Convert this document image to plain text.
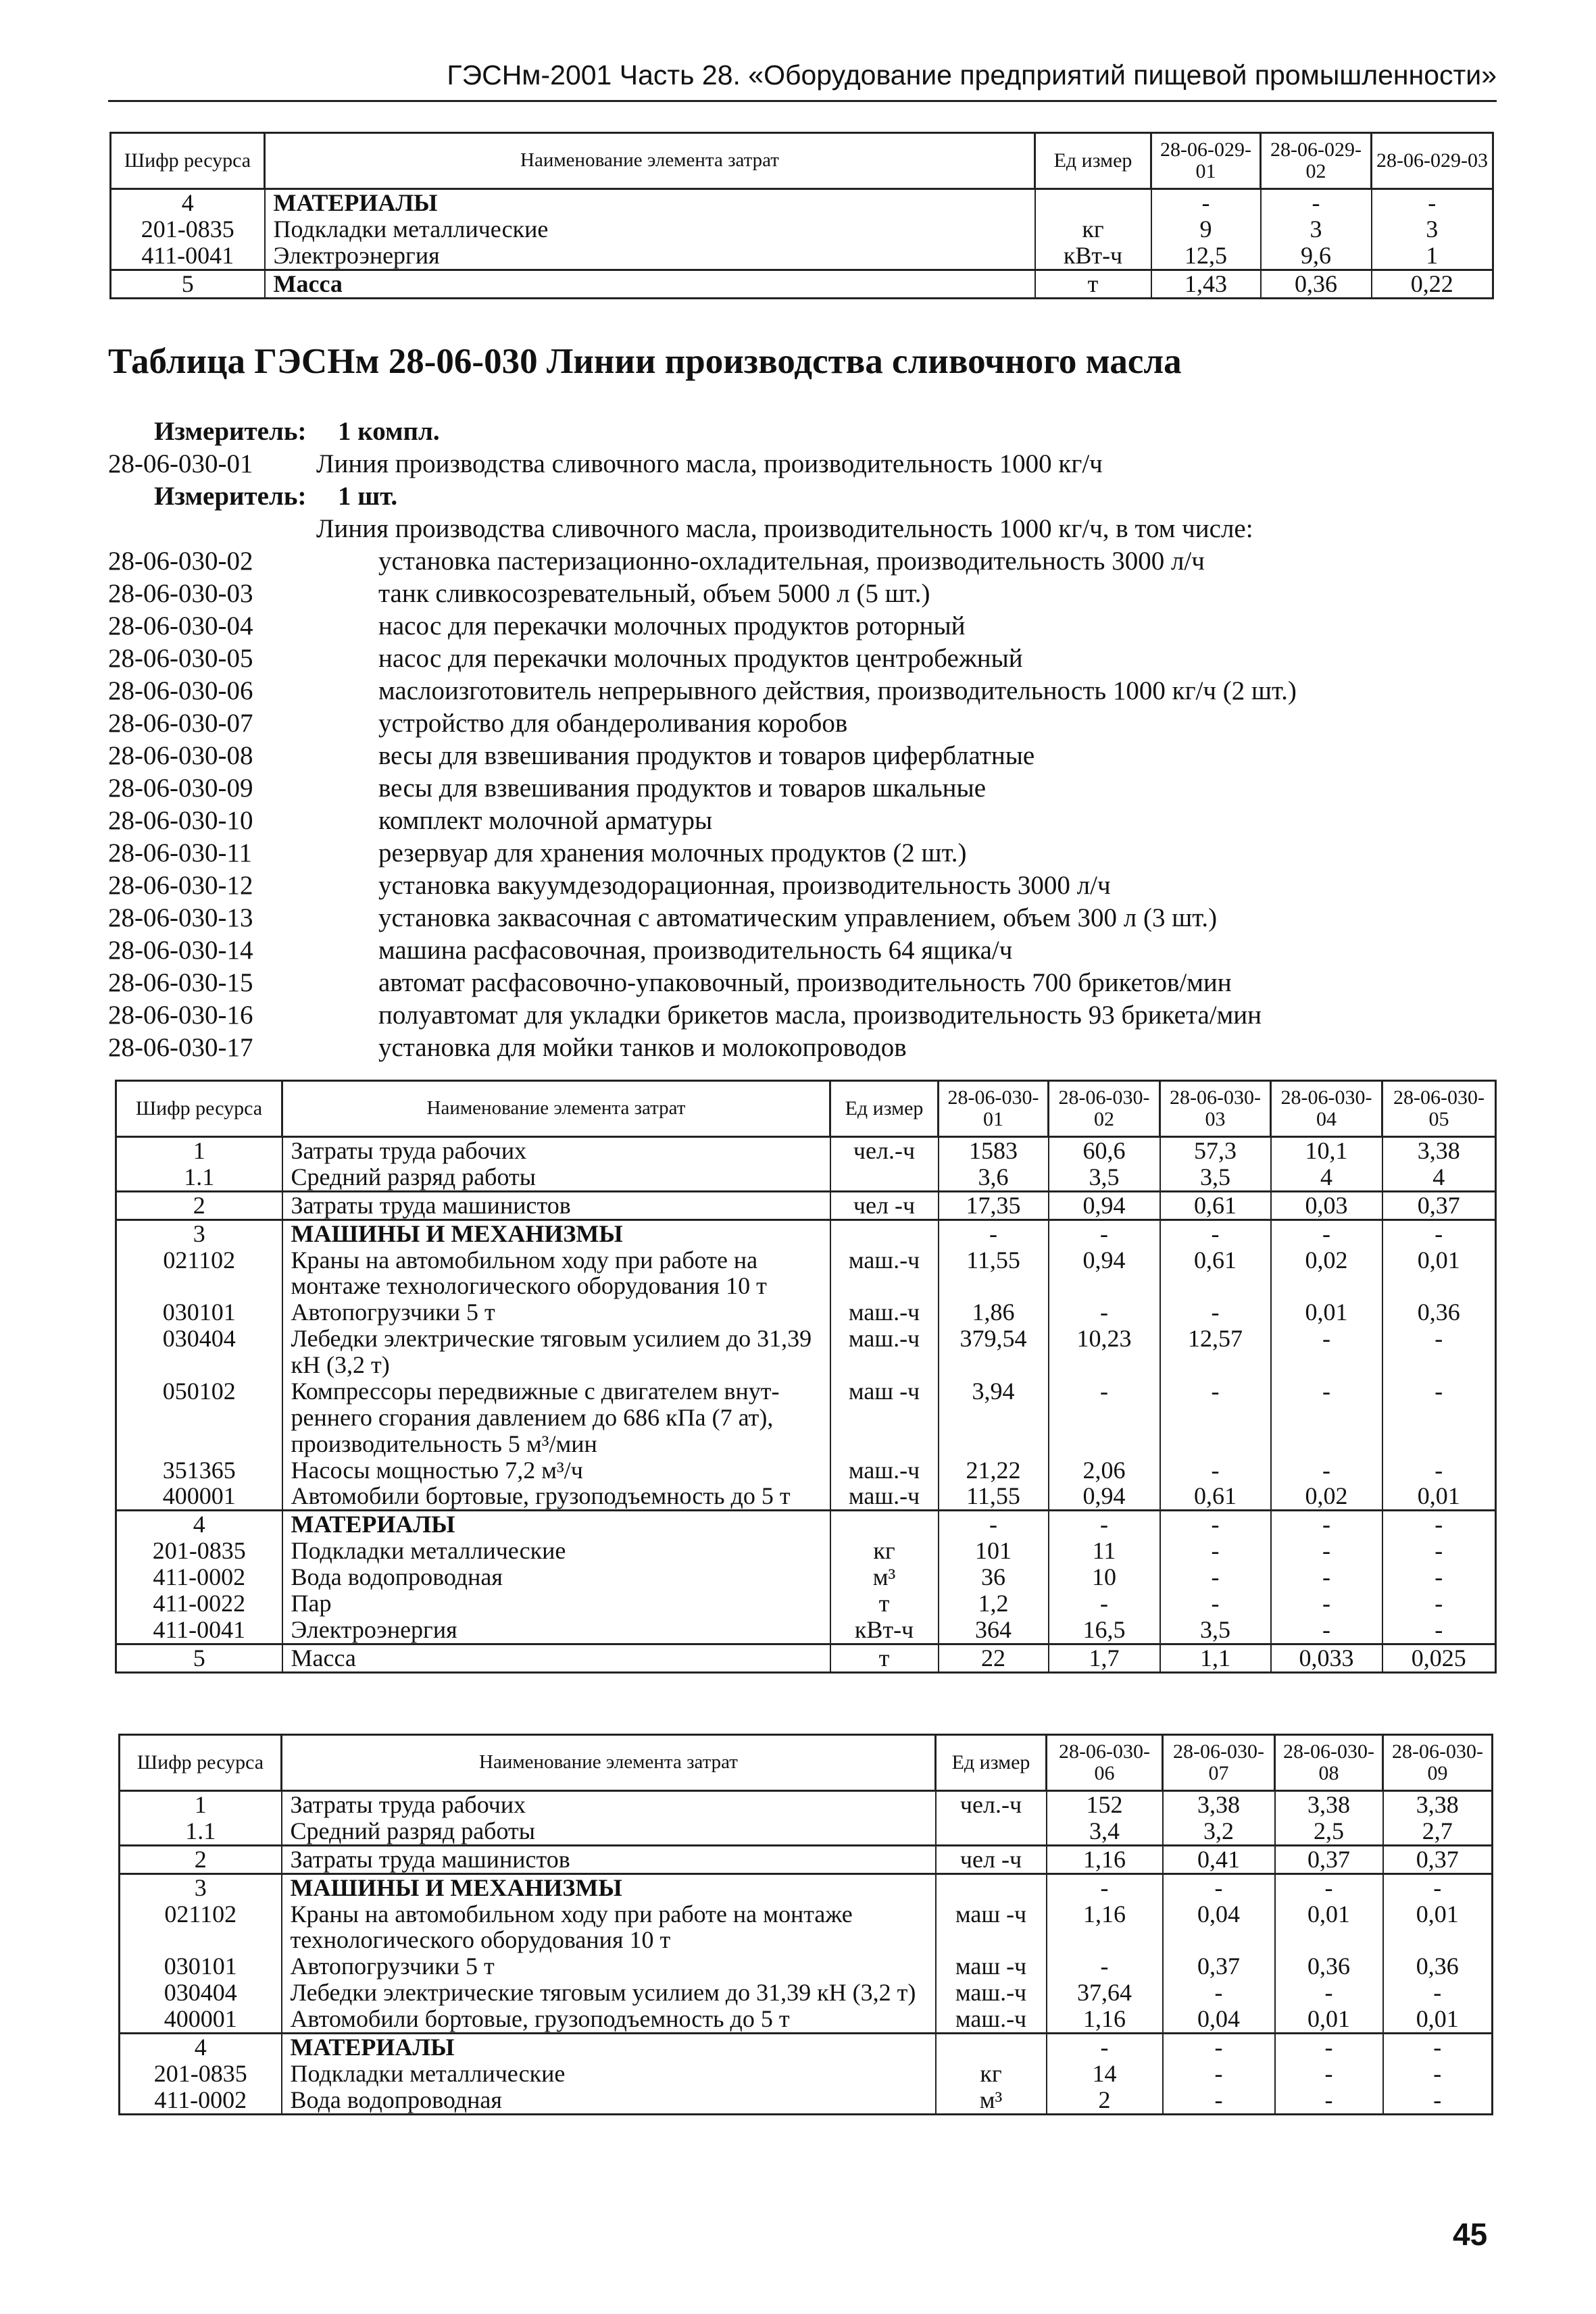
ГЭСНм-2001 Часть 28. «Оборудование предприятий пищевой промышленности»
Шифр ресурса	Наименование элемента затрат	Ед измер	28-06-029-01	28-06-029-02	28-06-029-03
4	МАТЕРИАЛЫ		-	-	-
201-0835	Подкладки металлические	кг	9	3	3
411-0041	Электроэнергия	кВт-ч	12,5	9,6	1
5	Масса	т	1,43	0,36	0,22
Таблица ГЭСНм 28-06-030 Линии производства сливочного масла
Измеритель: 1 компл.
28-06-030-01 Линия производства сливочного масла, производительность 1000 кг/ч
Измеритель: 1 шт.
Линия производства сливочного масла, производительность 1000 кг/ч, в том числе:
28-06-030-02	установка пастеризационно-охладительная, производительность 3000 л/ч
28-06-030-03	танк сливкосозревательный, объем 5000 л (5 шт.)
28-06-030-04	насос для перекачки молочных продуктов роторный
28-06-030-05	насос для перекачки молочных продуктов центробежный
28-06-030-06	маслоизготовитель непрерывного действия, производительность 1000 кг/ч (2 шт.)
28-06-030-07	устройство для обандероливания коробов
28-06-030-08	весы для взвешивания продуктов и товаров циферблатные
28-06-030-09	весы для взвешивания продуктов и товаров шкальные
28-06-030-10	комплект молочной арматуры
28-06-030-11	резервуар для хранения молочных продуктов (2 шт.)
28-06-030-12	установка вакуумдезодорационная, производительность 3000 л/ч
28-06-030-13	установка заквасочная с автоматическим управлением, объем 300 л (3 шт.)
28-06-030-14	машина расфасовочная, производительность 64 ящика/ч
28-06-030-15	автомат расфасовочно-упаковочный, производительность 700 брикетов/мин
28-06-030-16	полуавтомат для укладки брикетов масла, производительность 93 брикета/мин
28-06-030-17	установка для мойки танков и молокопроводов
Шифр ресурса	Наименование элемента затрат	Ед измер	28-06-030-01	28-06-030-02	28-06-030-03	28-06-030-04	28-06-030-05
1	Затраты труда рабочих	чел.-ч	1583	60,6	57,3	10,1	3,38
1.1	Средний разряд работы		3,6	3,5	3,5	4	4
2	Затраты труда машинистов	чел -ч	17,35	0,94	0,61	0,03	0,37
3	МАШИНЫ И МЕХАНИЗМЫ		-	-	-	-	-
021102	Краны на автомобильном ходу при работе на монтаже технологического оборудования 10 т	маш.-ч	11,55	0,94	0,61	0,02	0,01
030101	Автопогрузчики 5 т	маш.-ч	1,86	-	-	0,01	0,36
030404	Лебедки электрические тяговым усилием до 31,39 кН (3,2 т)	маш.-ч	379,54	10,23	12,57	-	-
050102	Компрессоры передвижные с двигателем внут-реннего сгорания давлением до 686 кПа (7 ат), производительность 5 м³/мин	маш -ч	3,94	-	-	-	-
351365	Насосы мощностью 7,2 м³/ч	маш.-ч	21,22	2,06	-	-	-
400001	Автомобили бортовые, грузоподъемность до 5 т	маш.-ч	11,55	0,94	0,61	0,02	0,01
4	МАТЕРИАЛЫ		-	-	-	-	-
201-0835	Подкладки металлические	кг	101	11	-	-	-
411-0002	Вода водопроводная	м³	36	10	-	-	-
411-0022	Пар	т	1,2	-	-	-	-
411-0041	Электроэнергия	кВт-ч	364	16,5	3,5	-	-
5	Масса	т	22	1,7	1,1	0,033	0,025
Шифр ресурса	Наименование элемента затрат	Ед измер	28-06-030-06	28-06-030-07	28-06-030-08	28-06-030-09
1	Затраты труда рабочих	чел.-ч	152	3,38	3,38	3,38
1.1	Средний разряд работы		3,4	3,2	2,5	2,7
2	Затраты труда машинистов	чел -ч	1,16	0,41	0,37	0,37
3	МАШИНЫ И МЕХАНИЗМЫ		-	-	-	-
021102	Краны на автомобильном ходу при работе на монтаже технологического оборудования 10 т	маш -ч	1,16	0,04	0,01	0,01
030101	Автопогрузчики 5 т	маш -ч	-	0,37	0,36	0,36
030404	Лебедки электрические тяговым усилием до 31,39 кН (3,2 т)	маш.-ч	37,64	-	-	-
400001	Автомобили бортовые, грузоподъемность до 5 т	маш.-ч	1,16	0,04	0,01	0,01
4	МАТЕРИАЛЫ		-	-	-	-
201-0835	Подкладки металлические	кг	14	-	-	-
411-0002	Вода водопроводная	м³	2	-	-	-
45
